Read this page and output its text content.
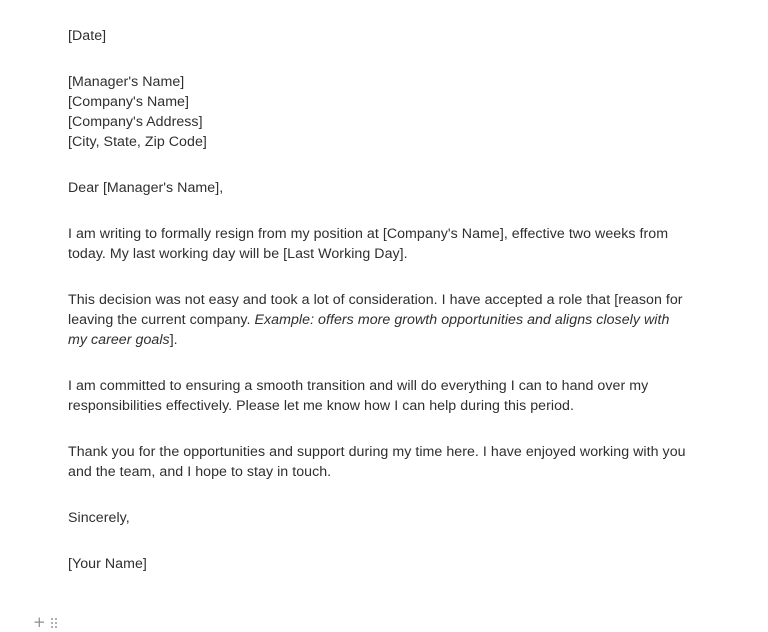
[Date]

[Manager's Name]
[Company's Name]
[Company's Address]
[City, State, Zip Code]

Dear [Manager's Name],

I am writing to formally resign from my position at [Company's Name], effective two weeks from
today. My last working day will be [Last Working Day].

This decision was not easy and took a lot of consideration. I have accepted a role that [reason for
leaving the current company. Example: offers more growth opportunities and aligns closely with
my career goals].

I am committed to ensuring a smooth transition and will do everything I can to hand over my
responsibilities effectively. Please let me know how I can help during this period.

Thank you for the opportunities and support during my time here. I have enjoyed working with you
and the team, and I hope to stay in touch.

Sincerely,

[Your Name]

+
